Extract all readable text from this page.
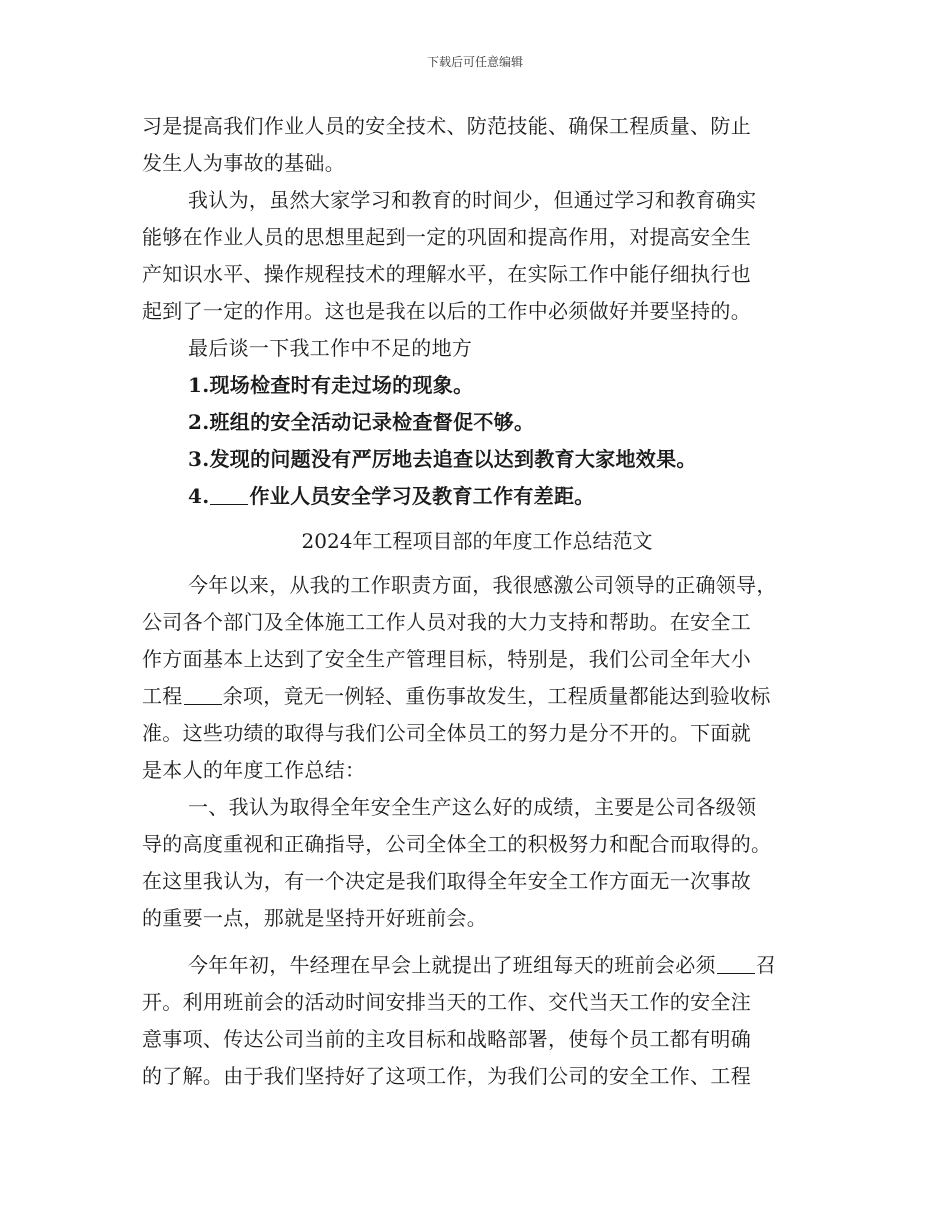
下载后可任意编辑
习是提高我们作业人员的安全技术、防范技能、确保工程质量、防止
发生人为事故的基础。
我认为，虽然大家学习和教育的时间少，但通过学习和教育确实
能够在作业人员的思想里起到一定的巩固和提高作用，对提高安全生
产知识水平、操作规程技术的理解水平，在实际工作中能仔细执行也
起到了一定的作用。这也是我在以后的工作中必须做好并要坚持的。
最后谈一下我工作中不足的地方
1.现场检查时有走过场的现象。
2.班组的安全活动记录检查督促不够。
3.发现的问题没有严厉地去追查以达到教育大家地效果。
4. 作业人员安全学习及教育工作有差距。
2024年工程项目部的年度工作总结范文
今年以来，从我的工作职责方面，我很感激公司领导的正确领导，
公司各个部门及全体施工工作人员对我的大力支持和帮助。在安全工
作方面基本上达到了安全生产管理目标，特别是，我们公司全年大小
工程 余项，竟无一例轻、重伤事故发生，工程质量都能达到验收标
准。这些功绩的取得与我们公司全体员工的努力是分不开的。下面就
是本人的年度工作总结：
一、我认为取得全年安全生产这么好的成绩，主要是公司各级领
导的高度重视和正确指导，公司全体全工的积极努力和配合而取得的。
在这里我认为，有一个决定是我们取得全年安全工作方面无一次事故
的重要一点，那就是坚持开好班前会。
今年年初，牛经理在早会上就提出了班组每天的班前会必须 召
开。利用班前会的活动时间安排当天的工作、交代当天工作的安全注
意事项、传达公司当前的主攻目标和战略部署，使每个员工都有明确
的了解。由于我们坚持好了这项工作，为我们公司的安全工作、工程
